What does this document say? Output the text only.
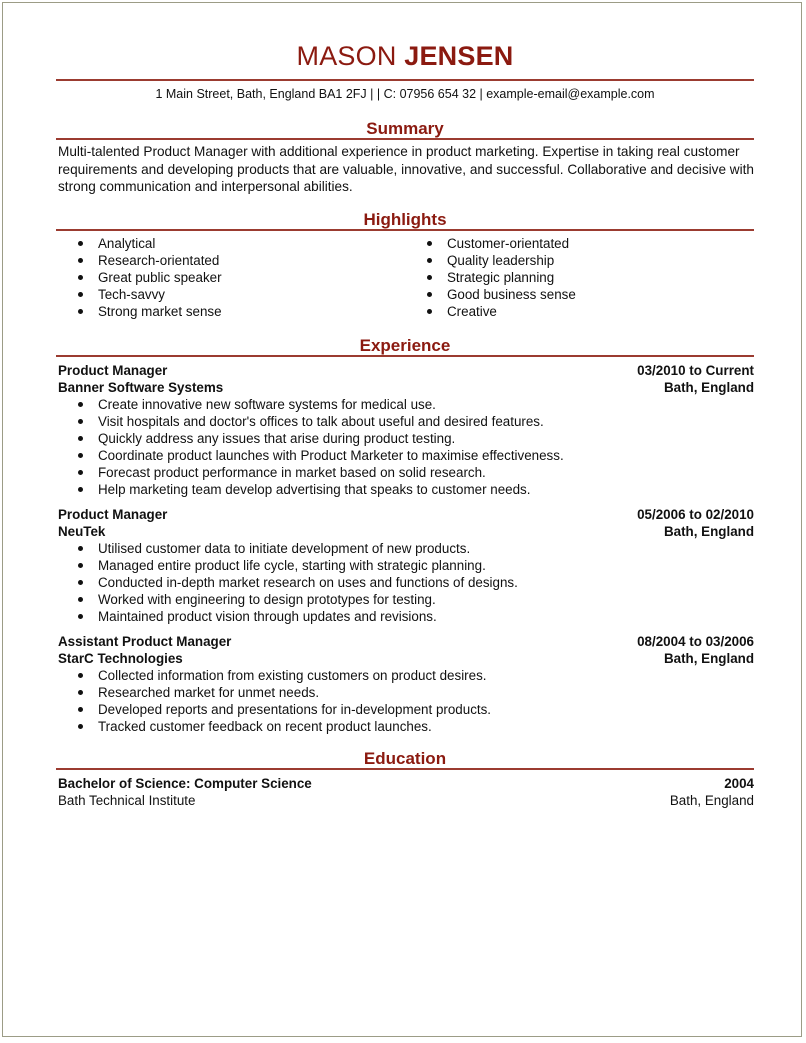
MASON JENSEN
1 Main Street, Bath, England BA1 2FJ | | C: 07956 654 32 | example-email@example.com
Summary
Multi-talented Product Manager with additional experience in product marketing. Expertise in taking real customer requirements and developing products that are valuable, innovative, and successful. Collaborative and decisive with strong communication and interpersonal abilities.
Highlights
Analytical
Research-orientated
Great public speaker
Tech-savvy
Strong market sense
Customer-orientated
Quality leadership
Strategic planning
Good business sense
Creative
Experience
Product Manager	03/2010 to Current
Banner Software Systems	Bath, England
Create innovative new software systems for medical use.
Visit hospitals and doctor's offices to talk about useful and desired features.
Quickly address any issues that arise during product testing.
Coordinate product launches with Product Marketer to maximise effectiveness.
Forecast product performance in market based on solid research.
Help marketing team develop advertising that speaks to customer needs.
Product Manager	05/2006 to 02/2010
NeuTek	Bath, England
Utilised customer data to initiate development of new products.
Managed entire product life cycle, starting with strategic planning.
Conducted in-depth market research on uses and functions of designs.
Worked with engineering to design prototypes for testing.
Maintained product vision through updates and revisions.
Assistant Product Manager	08/2004 to 03/2006
StarC Technologies	Bath, England
Collected information from existing customers on product desires.
Researched market for unmet needs.
Developed reports and presentations for in-development products.
Tracked customer feedback on recent product launches.
Education
Bachelor of Science: Computer Science	2004
Bath Technical Institute	Bath, England
